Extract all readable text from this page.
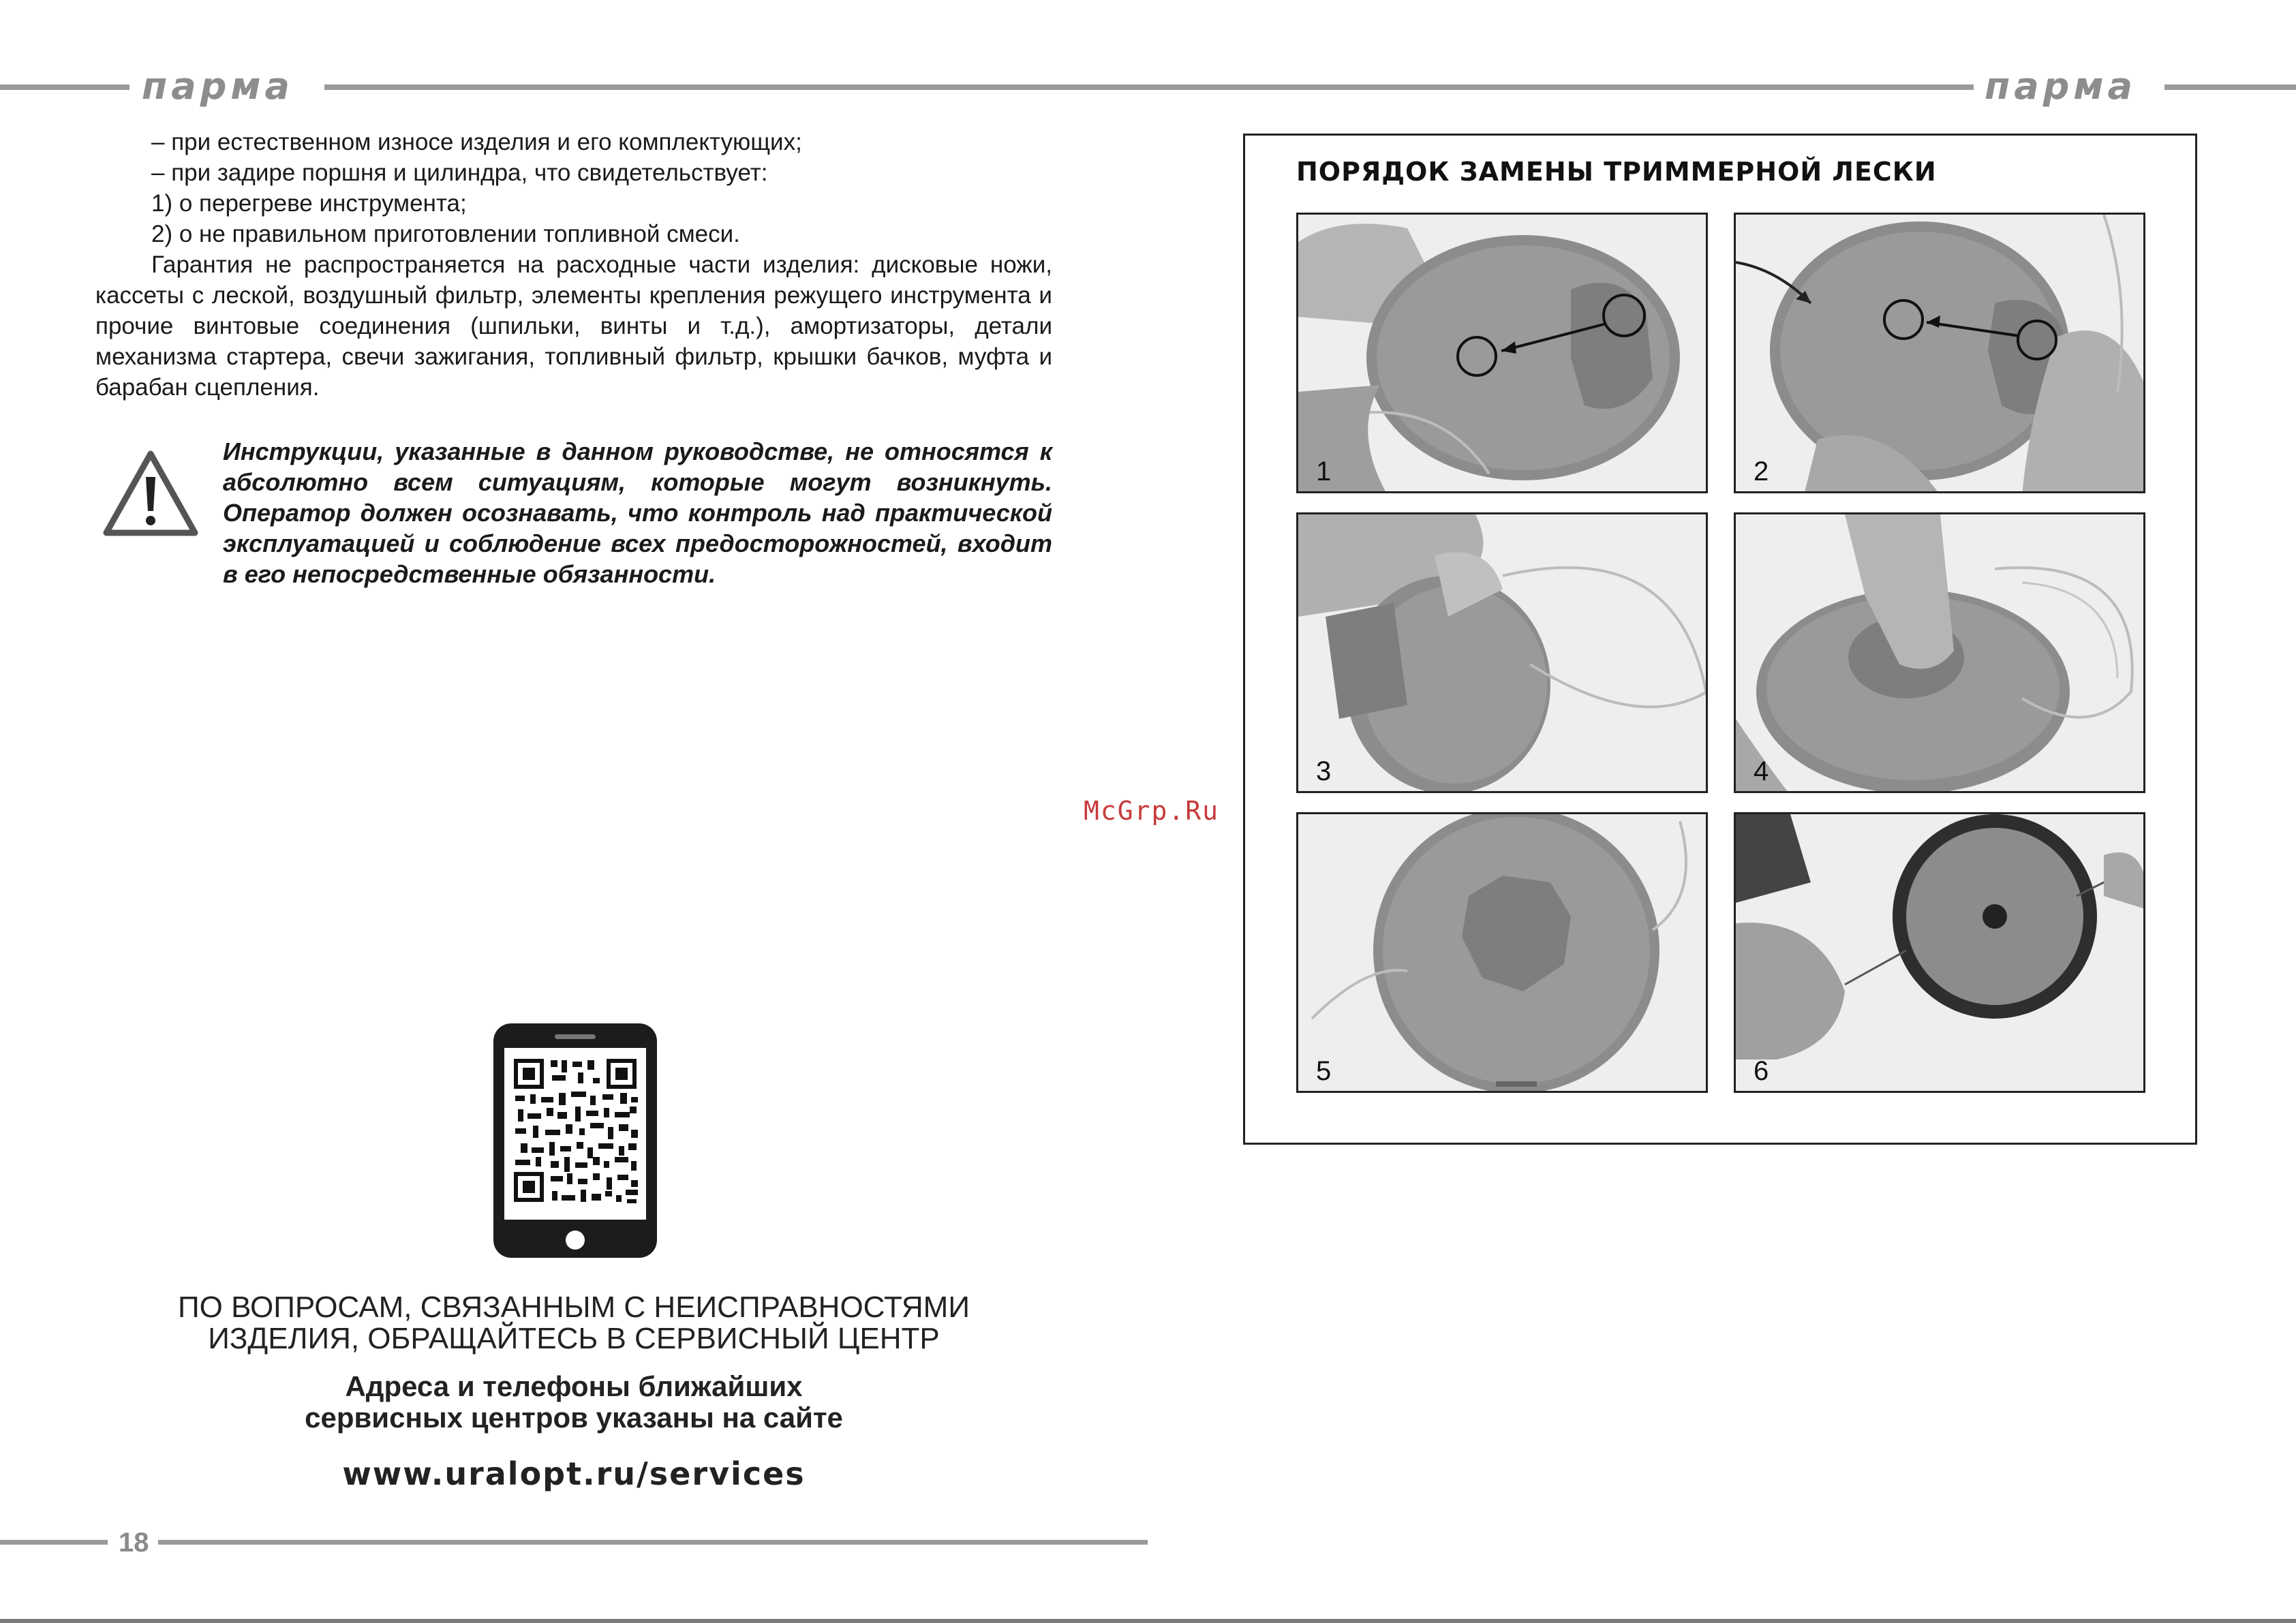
парма	парма

– при естественном износе изделия и его комплектующих;

– при задире поршня и цилиндра, что свидетельствует:

1) о перегреве инструмента;

2) о не правильном приготовлении топливной смеси.

Гарантия не распространяется на расходные части изделия: дисковые ножи, кассеты с леской, воздушный фильтр, элементы крепления режущего инструмента и прочие винтовые соединения (шпильки, винты и т.д.), амортизаторы, детали механизма стартера, свечи зажигания, топливный фильтр, крышки бачков, муфта и барабан сцепления.

Инструкции, указанные в данном руководстве, не относятся к абсолютно всем ситуациям, которые могут возникнуть. Оператор должен осознавать, что контроль над практической эксплуатацией и соблюдение всех предосторожностей, входит в его непосредственные обязанности.
ПО ВОПРОСАМ, СВЯЗАННЫМ С НЕИСПРАВНОСТЯМИ
ИЗДЕЛИЯ, ОБРАЩАЙТЕСЬ В СЕРВИСНЫЙ ЦЕНТР
Адреса и телефоны ближайших
сервисных центров указаны на сайте
www.uralopt.ru/services
McGrp.Ru
18
ПОРЯДОК ЗАМЕНЫ ТРИММЕРНОЙ ЛЕСКИ
1	2
3	4
5	6
